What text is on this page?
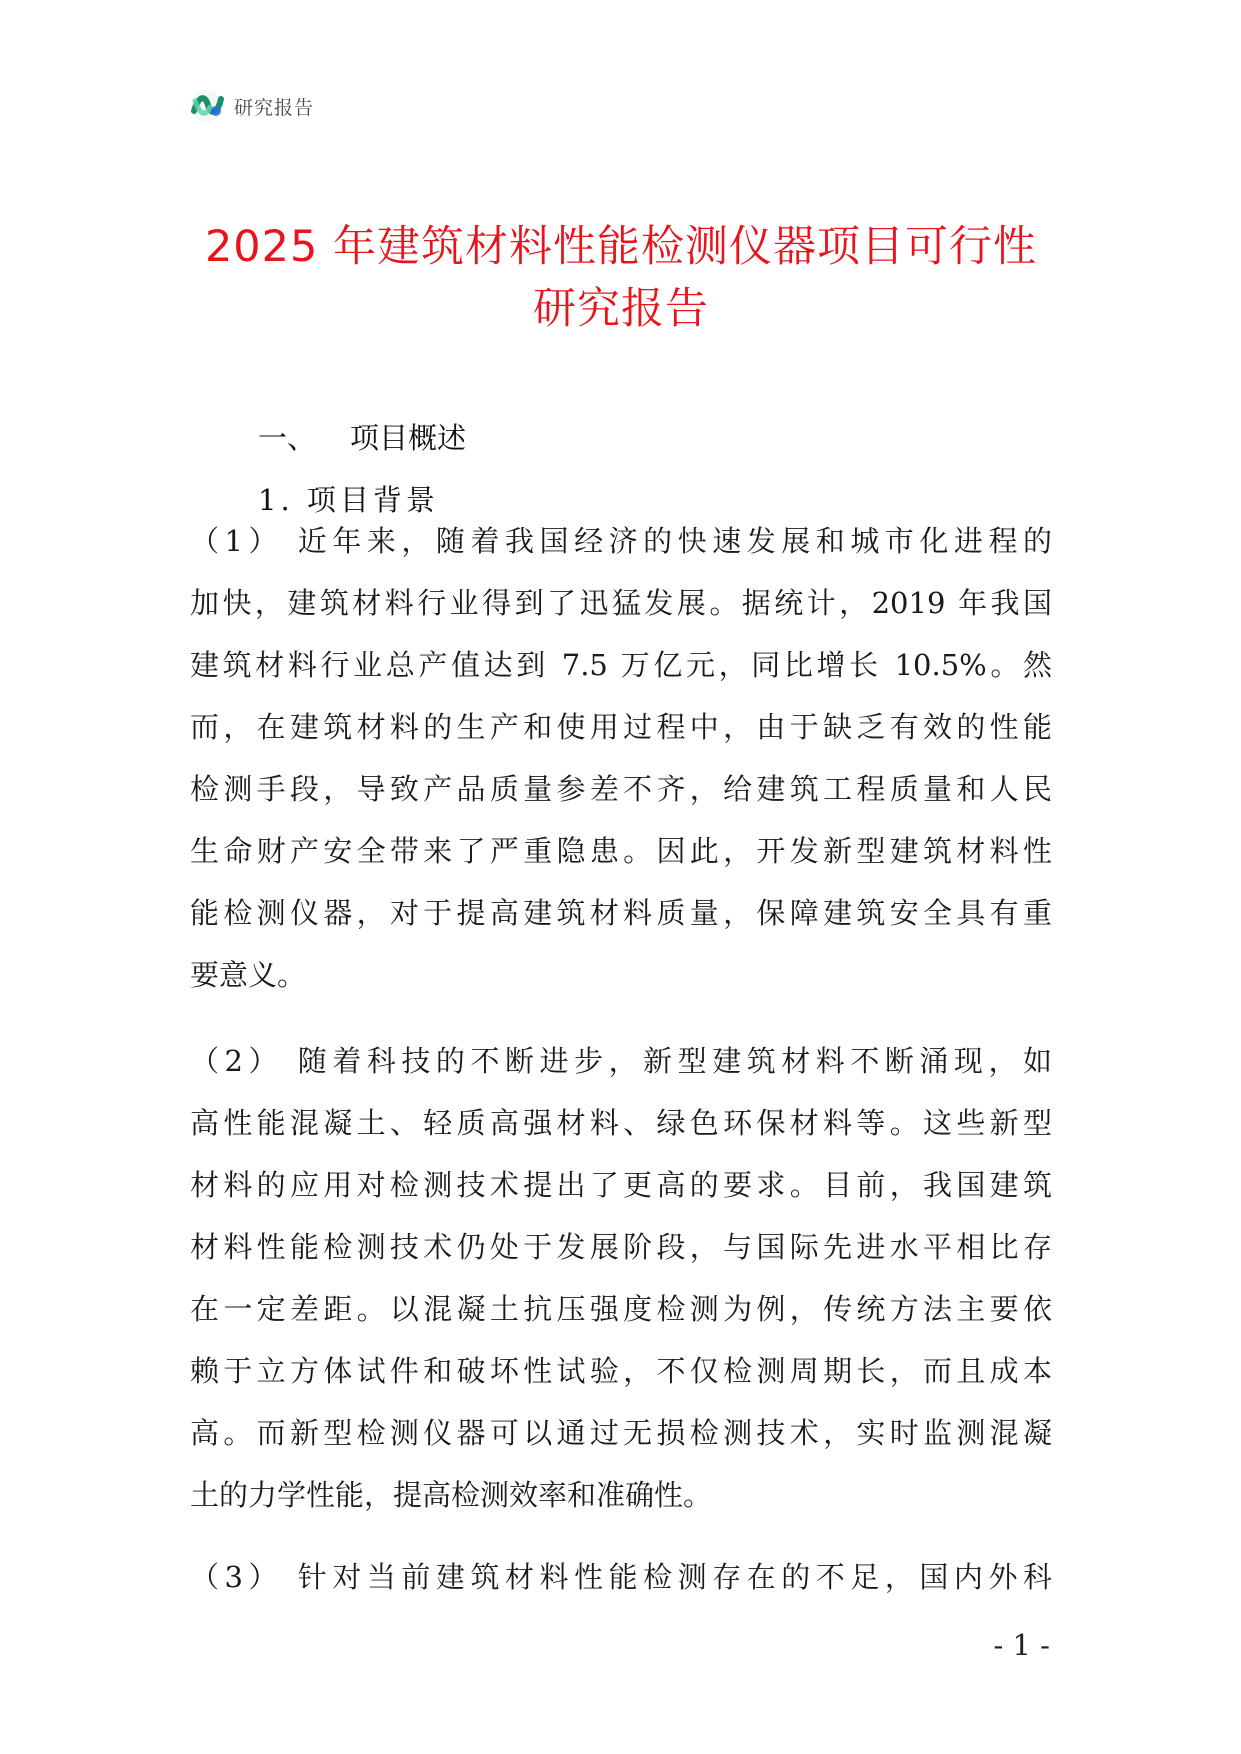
研究报告
2025 年建筑材料性能检测仪器项目可行性
研究报告
一、 项目概述
1. 项目背景
（1） 近年来，随着我国经济的快速发展和城市化进程的
加快，建筑材料行业得到了迅猛发展。据统计，2019 年我国
建筑材料行业总产值达到 7.5 万亿元，同比增长 10.5%。然
而，在建筑材料的生产和使用过程中，由于缺乏有效的性能
检测手段，导致产品质量参差不齐，给建筑工程质量和人民
生命财产安全带来了严重隐患。因此，开发新型建筑材料性
能检测仪器，对于提高建筑材料质量，保障建筑安全具有重
要意义。
（2） 随着科技的不断进步，新型建筑材料不断涌现，如
高性能混凝土、轻质高强材料、绿色环保材料等。这些新型
材料的应用对检测技术提出了更高的要求。目前，我国建筑
材料性能检测技术仍处于发展阶段，与国际先进水平相比存
在一定差距。以混凝土抗压强度检测为例，传统方法主要依
赖于立方体试件和破坏性试验，不仅检测周期长，而且成本
高。而新型检测仪器可以通过无损检测技术，实时监测混凝
土的力学性能，提高检测效率和准确性。
（3） 针对当前建筑材料性能检测存在的不足，国内外科
- 1 -
